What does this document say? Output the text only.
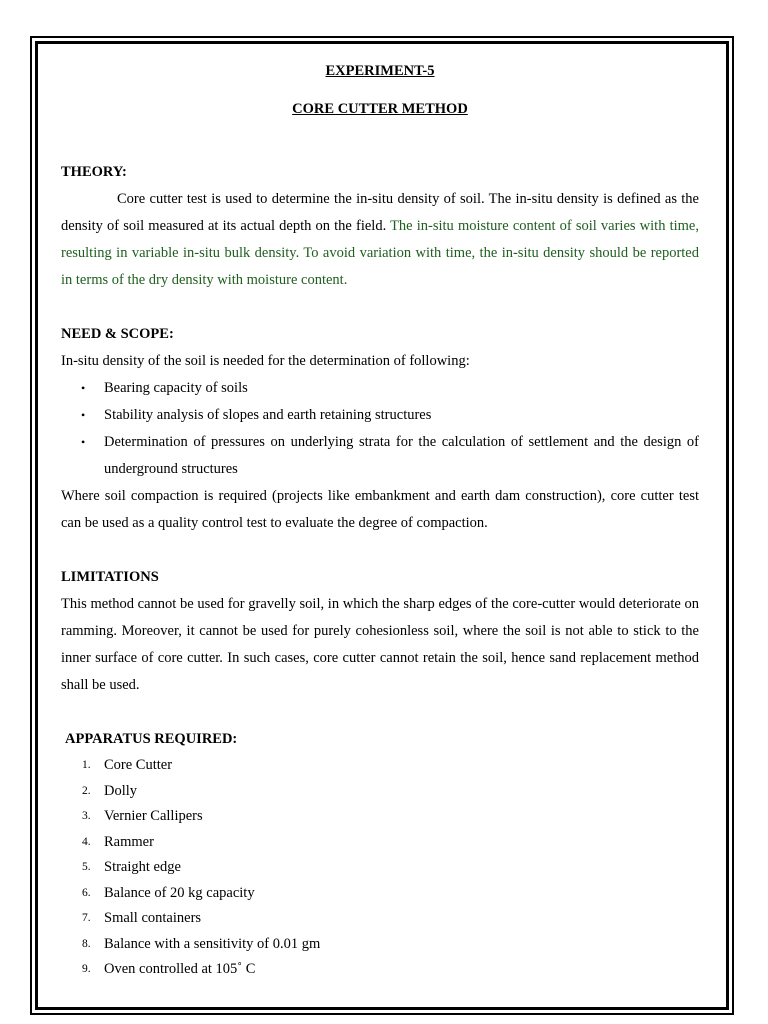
EXPERIMENT-5
CORE CUTTER METHOD
THEORY:

Core cutter test is used to determine the in-situ density of soil. The in-situ density is defined as the density of soil measured at its actual depth on the field. The in-situ moisture content of soil varies with time, resulting in variable in-situ bulk density. To avoid variation with time, the in-situ density should be reported in terms of the dry density with moisture content.

NEED & SCOPE:

In-situ density of the soil is needed for the determination of following:

• Bearing capacity of soils
• Stability analysis of slopes and earth retaining structures
• Determination of pressures on underlying strata for the calculation of settlement and the design of underground structures

Where soil compaction is required (projects like embankment and earth dam construction), core cutter test can be used as a quality control test to evaluate the degree of compaction.

LIMITATIONS

This method cannot be used for gravelly soil, in which the sharp edges of the core-cutter would deteriorate on ramming. Moreover, it cannot be used for purely cohesionless soil, where the soil is not able to stick to the inner surface of core cutter. In such cases, core cutter cannot retain the soil, hence sand replacement method shall be used.

APPARATUS REQUIRED:
1. Core Cutter
2. Dolly
3. Vernier Callipers
4. Rammer
5. Straight edge
6. Balance of 20 kg capacity
7. Small containers
8. Balance with a sensitivity of 0.01 gm
9. Oven controlled at 105˚ C
